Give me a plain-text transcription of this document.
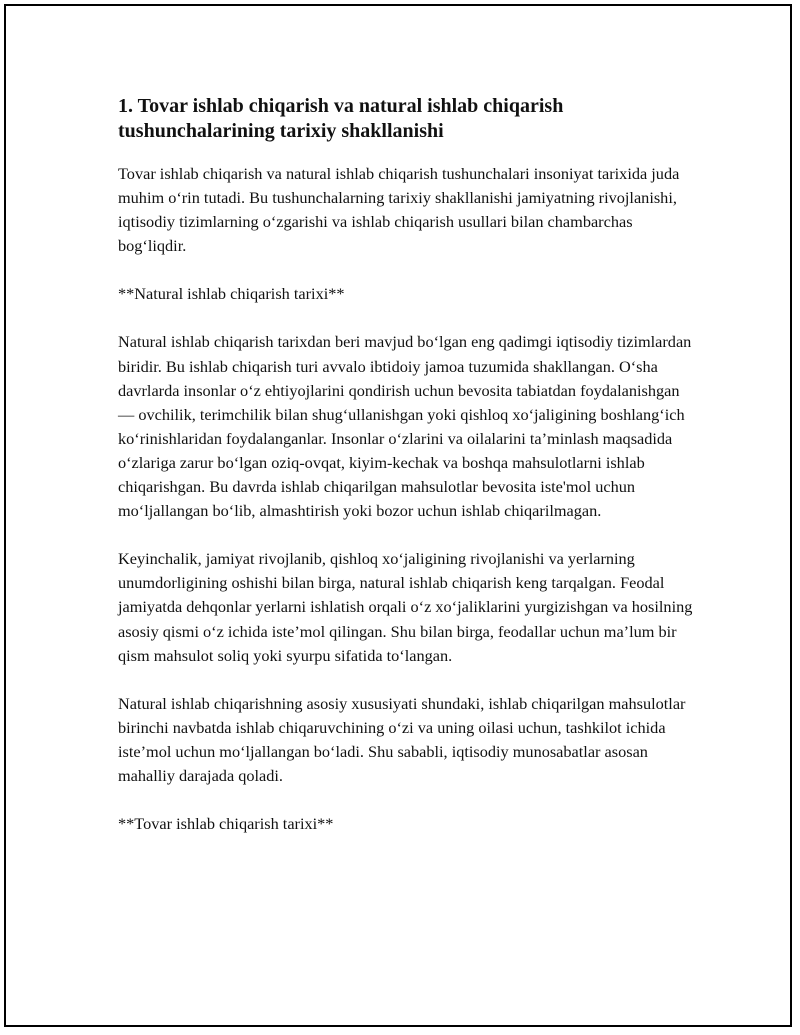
1. Tovar ishlab chiqarish va natural ishlab chiqarish tushunchalarining tarixiy shakllanishi

Tovar ishlab chiqarish va natural ishlab chiqarish tushunchalari insoniyat tarixida juda muhim o‘rin tutadi. Bu tushunchalarning tarixiy shakllanishi jamiyatning rivojlanishi, iqtisodiy tizimlarning o‘zgarishi va ishlab chiqarish usullari bilan chambarchas bog‘liqdir.

**Natural ishlab chiqarish tarixi**

Natural ishlab chiqarish tarixdan beri mavjud bo‘lgan eng qadimgi iqtisodiy tizimlardan biridir. Bu ishlab chiqarish turi avvalo ibtidoiy jamoa tuzumida shakllangan. O‘sha davrlarda insonlar o‘z ehtiyojlarini qondirish uchun bevosita tabiatdan foydalanishgan — ovchilik, terimchilik bilan shug‘ullanishgan yoki qishloq xo‘jaligining boshlang‘ich ko‘rinishlaridan foydalanganlar. Insonlar o‘zlarini va oilalarini ta’minlash maqsadida o‘zlariga zarur bo‘lgan oziq-ovqat, kiyim-kechak va boshqa mahsulotlarni ishlab chiqarishgan. Bu davrda ishlab chiqarilgan mahsulotlar bevosita iste'mol uchun mo‘ljallangan bo‘lib, almashtirish yoki bozor uchun ishlab chiqarilmagan.

Keyinchalik, jamiyat rivojlanib, qishloq xo‘jaligining rivojlanishi va yerlarning unumdorligining oshishi bilan birga, natural ishlab chiqarish keng tarqalgan. Feodal jamiyatda dehqonlar yerlarni ishlatish orqali o‘z xo‘jaliklarini yurgizishgan va hosilning asosiy qismi o‘z ichida iste’mol qilingan. Shu bilan birga, feodallar uchun ma’lum bir qism mahsulot soliq yoki syurpu sifatida to‘langan.

Natural ishlab chiqarishning asosiy xususiyati shundaki, ishlab chiqarilgan mahsulotlar birinchi navbatda ishlab chiqaruvchining o‘zi va uning oilasi uchun, tashkilot ichida iste’mol uchun mo‘ljallangan bo‘ladi. Shu sababli, iqtisodiy munosabatlar asosan mahalliy darajada qoladi.

**Tovar ishlab chiqarish tarixi**
